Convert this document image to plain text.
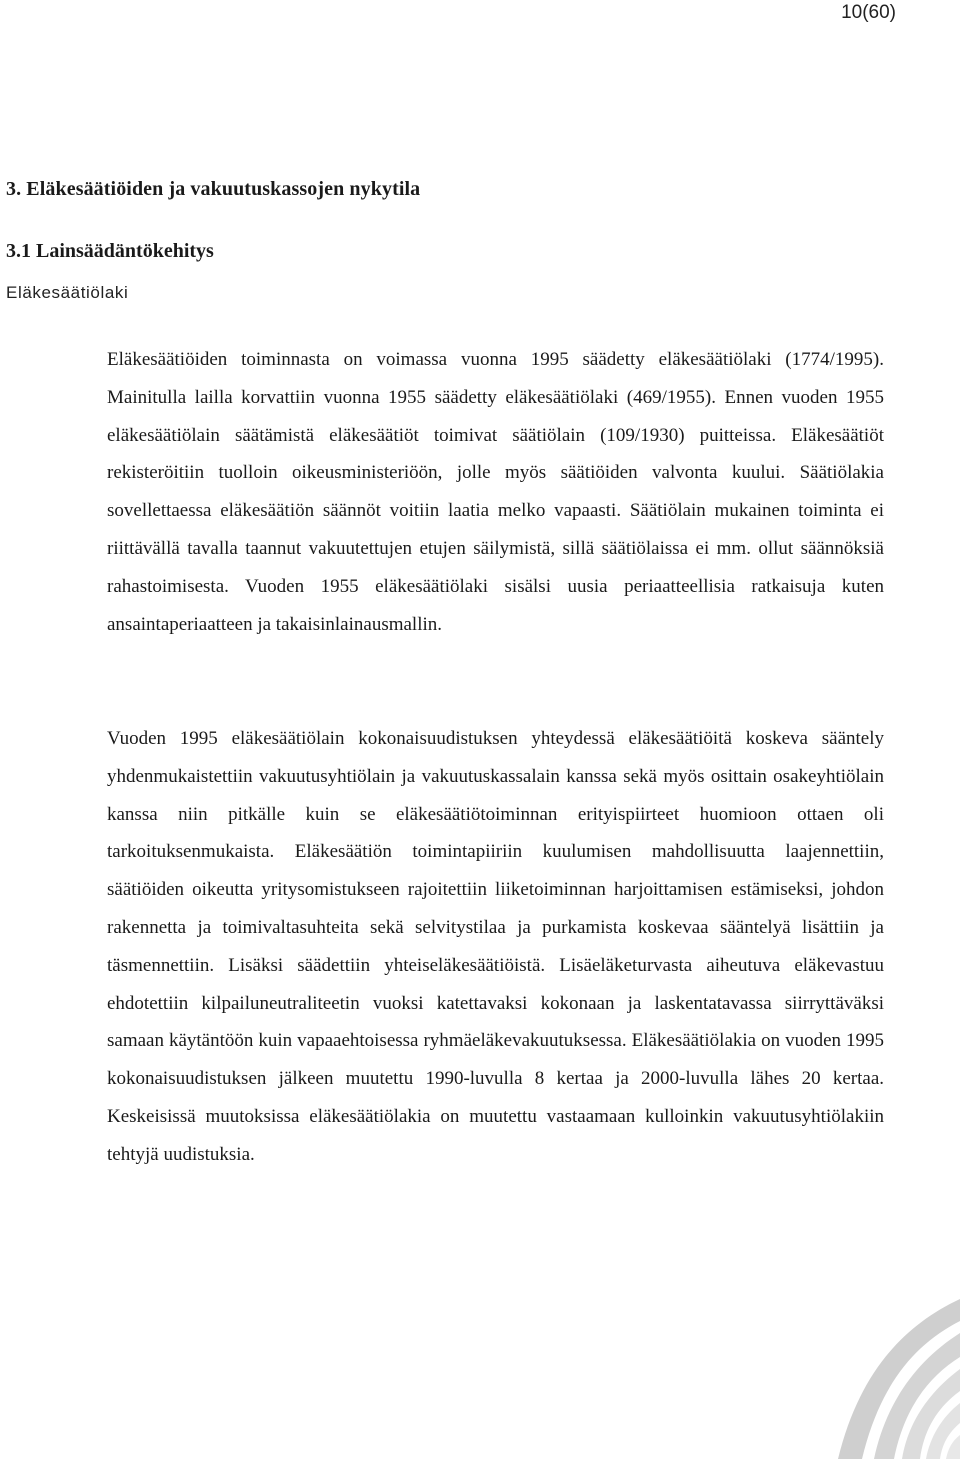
10(60)
3. Eläkesäätiöiden ja vakuutuskassojen nykytila
3.1 Lainsäädäntökehitys
Eläkesäätiölaki

Eläkesäätiöiden toiminnasta on voimassa vuonna 1995 säädetty eläkesäätiölaki (1774/1995). Mainitulla lailla korvattiin vuonna 1955 säädetty eläkesäätiölaki (469/1955). Ennen vuoden 1955 eläkesäätiölain säätämistä eläkesäätiöt toimivat säätiölain (109/1930) puitteissa. Eläkesäätiöt rekisteröitiin tuolloin oikeusministeriöön, jolle myös säätiöiden valvonta kuului. Säätiölakia sovellettaessa eläkesäätiön säännöt voitiin laatia melko vapaasti. Säätiölain mukainen toiminta ei riittävällä tavalla taannut vakuutettujen etujen säilymistä, sillä säätiölaissa ei mm. ollut säännöksiä rahastoimisesta. Vuoden 1955 eläkesäätiölaki sisälsi uusia periaatteellisia ratkaisuja kuten ansaintaperiaatteen ja takaisinlainausmallin.

Vuoden 1995 eläkesäätiölain kokonaisuudistuksen yhteydessä eläkesäätiöitä koskeva sääntely yhdenmukaistettiin vakuutusyhtiölain ja vakuutuskassalain kanssa sekä myös osittain osakeyhtiölain kanssa niin pitkälle kuin se eläkesäätiötoiminnan erityispiirteet huomioon ottaen oli tarkoituksenmukaista. Eläkesäätiön toimintapiiriin kuulumisen mahdollisuutta laajennettiin, säätiöiden oikeutta yritysomistukseen rajoitettiin liiketoiminnan harjoittamisen estämiseksi, johdon rakennetta ja toimivaltasuhteita sekä selvitystilaa ja purkamista koskevaa sääntelyä lisättiin ja täsmennettiin. Lisäksi säädettiin yhteiseläkesäätiöistä. Lisäeläketurvasta aiheutuva eläkevastuu ehdotettiin kilpailuneutraliteetin vuoksi katettavaksi kokonaan ja laskentatavassa siirryttäväksi samaan käytäntöön kuin vapaaehtoisessa ryhmäeläkevakuutuksessa. Eläkesäätiölakia on vuoden 1995 kokonaisuudistuksen jälkeen muutettu 1990-luvulla 8 kertaa ja 2000-luvulla lähes 20 kertaa. Keskeisissä muutoksissa eläkesäätiölakia on muutettu vastaamaan kulloinkin vakuutusyhtiölakiin tehtyjä uudistuksia.
